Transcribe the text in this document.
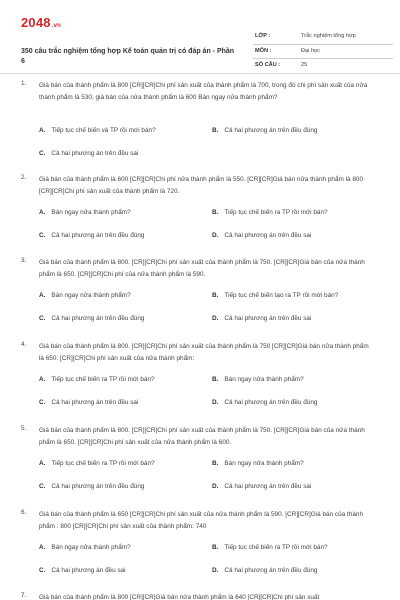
2048.vn
350 câu trắc nghiệm tổng hợp Kế toán quản trị có đáp án - Phần 6
LỚP :	Trắc nghiệm tổng hợp
MÔN :	Đại học
SỐ CÂU :	25
1. Giá bán của thành phẩm là 800 [CR][CR]Chi phí sản xuất của thành phẩm là 700, trong đó chi phí sản xuất của nửa thành phẩm là 530; giá bán của nửa thành phẩm là 600 Bán ngay nửa thành phẩm?
A. Tiếp tục chế biến và TP rồi mới bán?	B. Cả hai phương án trên đều đúng
C. Cả hai phương án trên đều sai
2. Giá bán của thành phẩm là 600 [CR][CR]Chi phí nửa thành phẩm là 550. [CR][CR]Giá bán nửa thành phẩm là 800 [CR][CR]Chi phí sản xuất của thành phẩm là 720.
A. Bán ngay nửa thành phẩm?	B. Tiếp tục chế biến ra TP rồi mới bán?
C. Cả hai phương án trên đều đúng	D. Cả hai phương án trên đều sai
3. Giá bán của thành phẩm là 800. [CR][CR]Chi phí sản xuất của thành phẩm là 750. [CR][CR]Giá bán của nửa thành phẩm là 650. [CR][CR]Chi phí của nửa thành phẩm là 590.
A. Bán ngay nửa thành phẩm?	B. Tiếp tục chế biến tạo ra TP rồi mới bán?
C. Cả hai phương án trên đều đúng	D. Cả hai phương án trên đều sai
4. Giá bán của thành phẩm là 800. [CR][CR]Chi phí sản xuất của thành phẩm là 750 [CR][CR]Giá bán nửa thành phẩm là 650. [CR][CR]Chi phí sản xuất của nửa thành phẩm:
A. Tiếp tục chế biến ra TP rồi mới bán?	B. Bán ngay nửa thành phẩm?
C. Cả hai phương án trên đều sai	D. Cả hai phương án trên đều đúng
5. Giá bán của thành phẩm là 800. [CR][CR]Chi phí sản xuất của thành phẩm là 750. [CR][CR]Giá bán của nửa thành phẩm là 650. [CR][CR]Chi phí sản xuất của nửa thành phẩm là 600.
A. Tiếp tục chế biến ra TP rồi mới bán?	B. Bán ngay nửa thành phẩm?
C. Cả hai phương án trên đều đúng	D. Cả hai phương án trên đều sai
6. Giá bán của thành phẩm là 650 [CR][CR]Chi phí sản xuất của nửa thành phẩm là 590. [CR][CR]Giá bán của thành phẩm : 800 [CR][CR]Chi phí sản xuất của thành phẩm: 740
A. Bán ngay nửa thành phẩm?	B. Tiếp tục chế biến ra TP rồi mới bán?
C. Cả hai phương án đều sai	D. Cả hai phương án trên đều đúng
7. Giá bán của thành phẩm là 800 [CR][CR]Giá bán nửa thành phẩm là 640 [CR][CR]Chi phí sản xuất
